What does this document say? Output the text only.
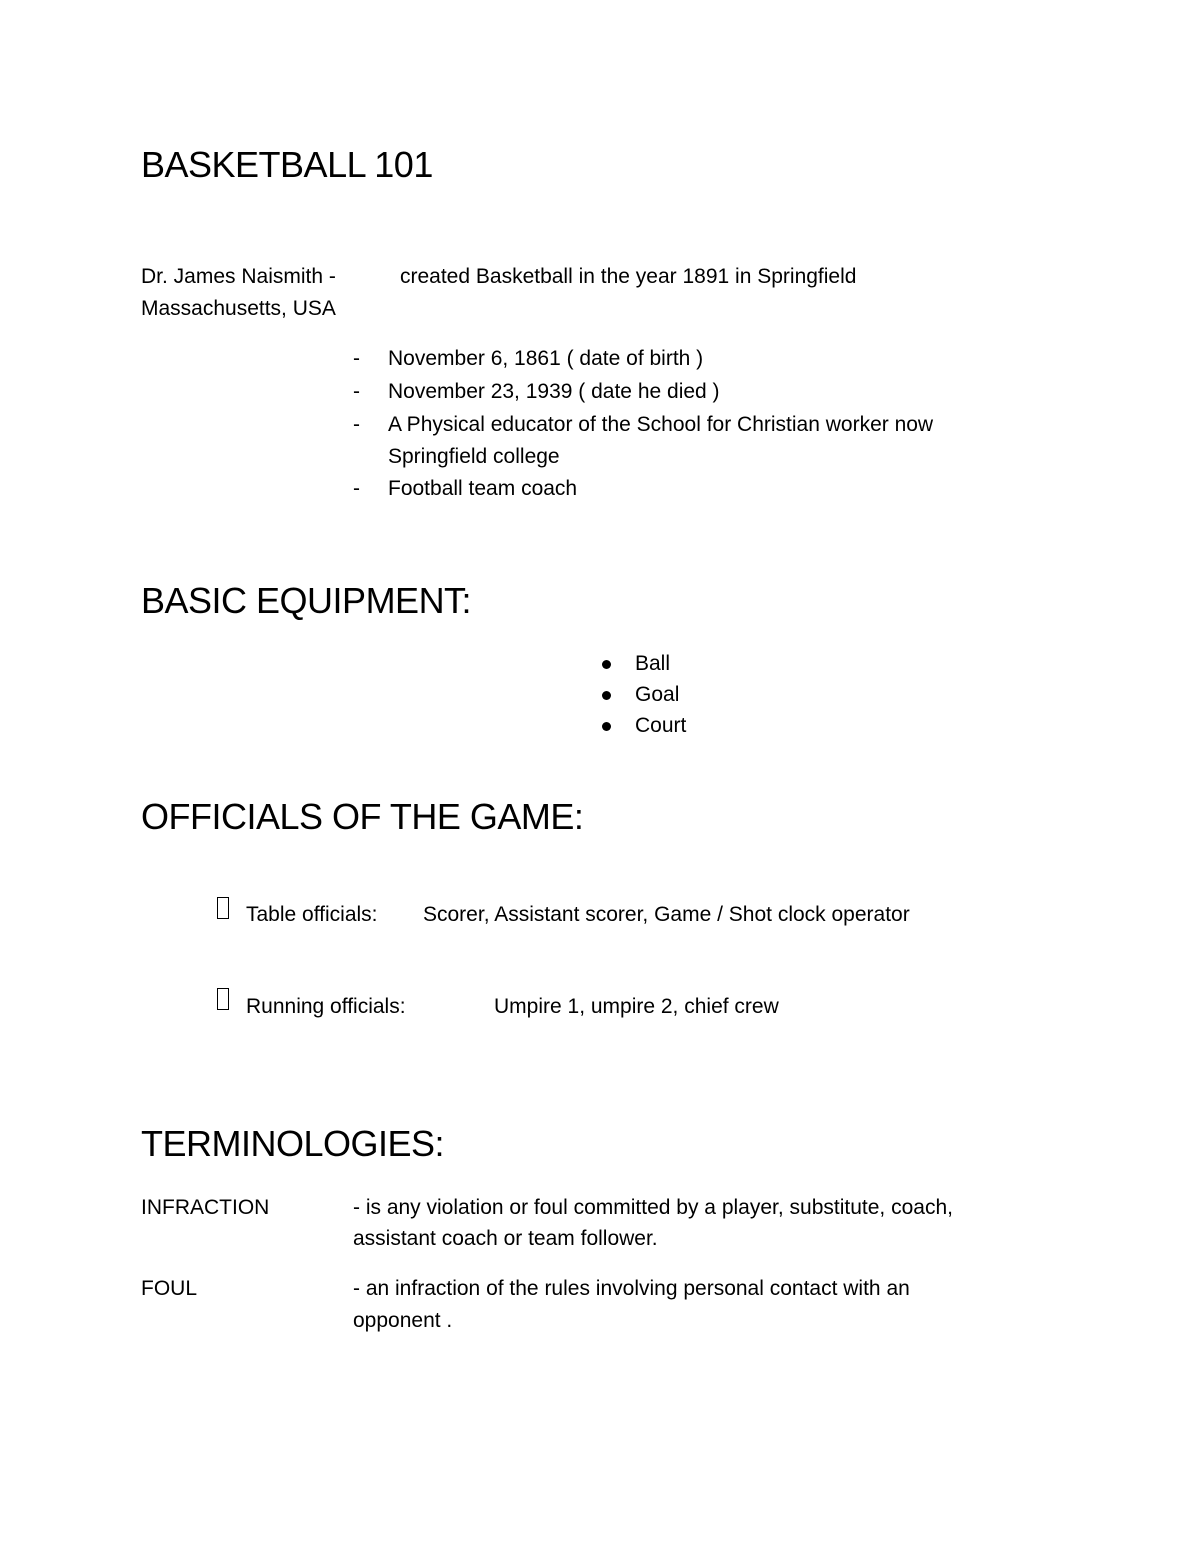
BASKETBALL 101
Dr. James Naismith -	created Basketball in the year 1891 in Springfield
Massachusetts, USA
- November 6, 1861 ( date of birth )
- November 23, 1939 ( date he died )
- A Physical educator of the School for Christian worker now
Springfield college
- Football team coach
BASIC EQUIPMENT:
Ball
Goal
Court
OFFICIALS OF THE GAME:
Table officials: Scorer, Assistant scorer, Game / Shot clock operator
Running officials:	Umpire 1, umpire 2, chief crew
TERMINOLOGIES:
INFRACTION	- is any violation or foul committed by a player, substitute, coach,
assistant coach or team follower.
FOUL	- an infraction of the rules involving personal contact with an
opponent .
